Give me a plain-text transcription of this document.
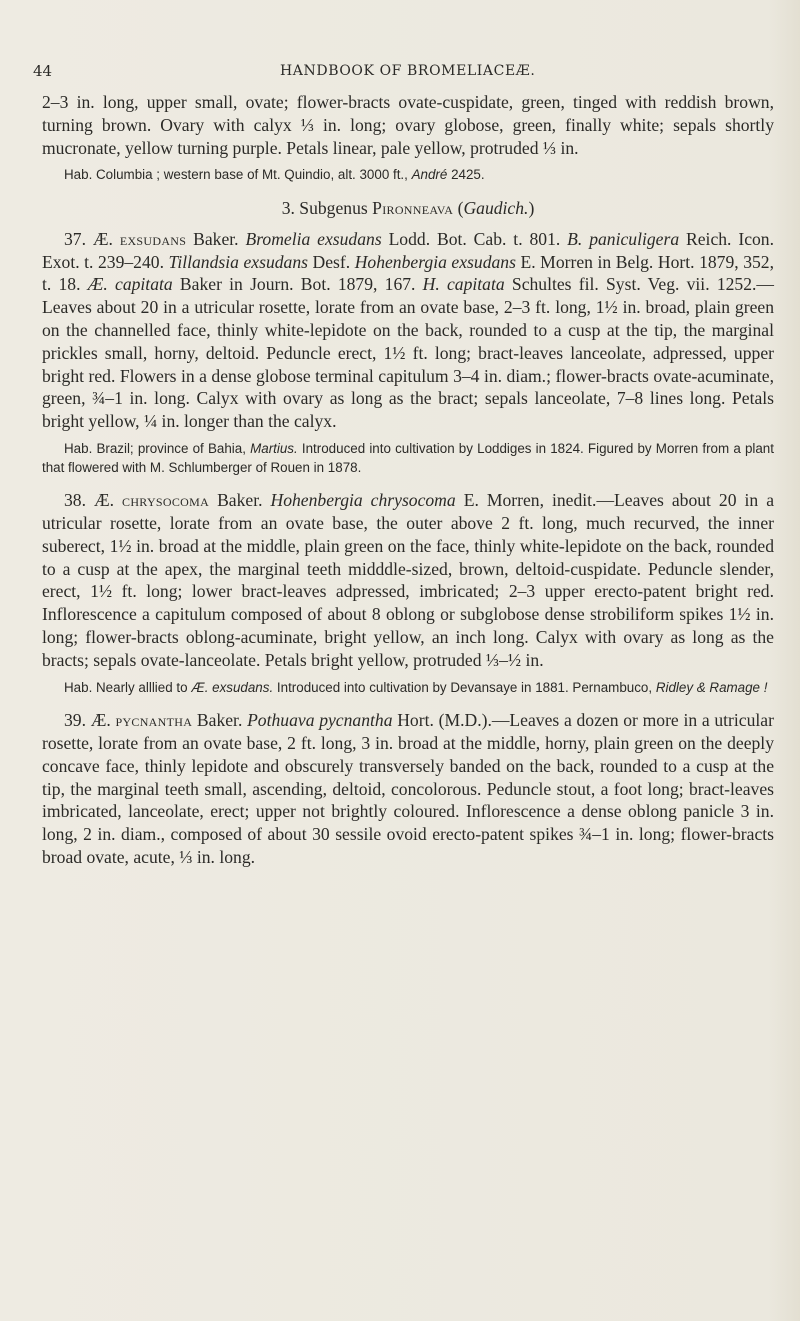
44	HANDBOOK OF BROMELIACEÆ.

2–3 in. long, upper small, ovate; flower-bracts ovate-cuspidate, green, tinged with reddish brown, turning brown. Ovary with calyx ⅓ in. long; ovary globose, green, finally white; sepals shortly mucronate, yellow turning purple. Petals linear, pale yellow, protruded ⅓ in.

Hab. Columbia ; western base of Mt. Quindio, alt. 3000 ft., André 2425.

3. Subgenus Pironneava (Gaudich.)

37. Æ. exsudans Baker. Bromelia exsudans Lodd. Bot. Cab. t. 801. B. paniculigera Reich. Icon. Exot. t. 239–240. Tillandsia exsudans Desf. Hohenbergia exsudans E. Morren in Belg. Hort. 1879, 352, t. 18. Æ. capitata Baker in Journ. Bot. 1879, 167. H. capitata Schultes fil. Syst. Veg. vii. 1252.—Leaves about 20 in a utricular rosette, lorate from an ovate base, 2–3 ft. long, 1½ in. broad, plain green on the channelled face, thinly white-lepidote on the back, rounded to a cusp at the tip, the marginal prickles small, horny, deltoid. Peduncle erect, 1½ ft. long; bract-leaves lanceolate, adpressed, upper bright red. Flowers in a dense globose terminal capitulum 3–4 in. diam.; flower-bracts ovate-acuminate, green, ¾–1 in. long. Calyx with ovary as long as the bract; sepals lanceolate, 7–8 lines long. Petals bright yellow, ¼ in. longer than the calyx.

Hab. Brazil; province of Bahia, Martius. Introduced into cultivation by Loddiges in 1824. Figured by Morren from a plant that flowered with M. Schlumberger of Rouen in 1878.

38. Æ. chrysocoma Baker. Hohenbergia chrysocoma E. Morren, inedit.—Leaves about 20 in a utricular rosette, lorate from an ovate base, the outer above 2 ft. long, much recurved, the inner suberect, 1½ in. broad at the middle, plain green on the face, thinly white-lepidote on the back, rounded to a cusp at the apex, the marginal teeth midddle-sized, brown, deltoid-cuspidate. Peduncle slender, erect, 1½ ft. long; lower bract-leaves adpressed, imbricated; 2–3 upper erecto-patent bright red. Inflorescence a capitulum composed of about 8 oblong or subglobose dense strobiliform spikes 1½ in. long; flower-bracts oblong-acuminate, bright yellow, an inch long. Calyx with ovary as long as the bracts; sepals ovate-lanceolate. Petals bright yellow, protruded ⅓–½ in.

Hab. Nearly alllied to Æ. exsudans. Introduced into cultivation by Devansaye in 1881. Pernambuco, Ridley & Ramage !

39. Æ. pycnantha Baker. Pothuava pycnantha Hort. (M.D.).—Leaves a dozen or more in a utricular rosette, lorate from an ovate base, 2 ft. long, 3 in. broad at the middle, horny, plain green on the deeply concave face, thinly lepidote and obscurely transversely banded on the back, rounded to a cusp at the tip, the marginal teeth small, ascending, deltoid, concolorous. Peduncle stout, a foot long; bract-leaves imbricated, lanceolate, erect; upper not brightly coloured. Inflorescence a dense oblong panicle 3 in. long, 2 in. diam., composed of about 30 sessile ovoid erecto-patent spikes ¾–1 in. long; flower-bracts broad ovate, acute, ⅓ in. long.
